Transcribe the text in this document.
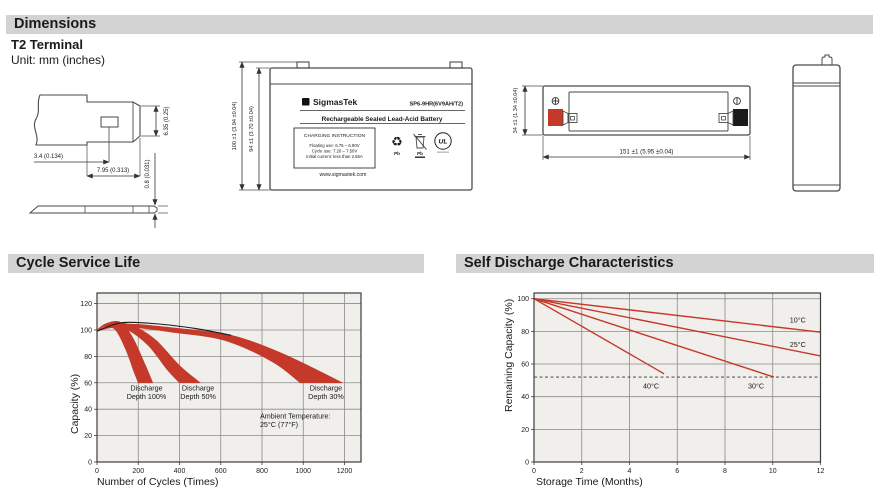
Dimensions
T2 Terminal
Unit: mm (inches)
3.4 (0.134)
7.95 (0.313)
6.35 (0.25)
0.8 (0.031)
S SigmasTek	SP6-9HR(6V9AH/T2)
Rechargeable Sealed Lead-Acid Battery
CHARGING INSTRUCTION
Floating use: 6.75 – 6.90V
Cycle use: 7.20 – 7.50V
Initial current: less than 2.55A
www.sigmastek.com
♻
Pb	Pb
UL
100 ±1 (3.94 ±0.04) 94 ±1 (3.70 ±0.04)
151 ±1 (5.95 ±0.04)
34 ±1 (1.34 ±0.04)
Cycle Service Life	Self Discharge Characteristics
Discharge
Depth 100%
Discharge
Depth 50%
Discharge
Depth 30%
Ambient Temperature:
25°C (77°F)
0	200	400	600	800	1000	1200
0
20
40
60
80
100
120
Number of Cycles (Times)
Capacity (%)
10°C
25°C
30°C
40°C
0	2	4	6	8	10	12
0
20
40
60
80
100
Storage Time (Months)
Remaining Capacity (%)
